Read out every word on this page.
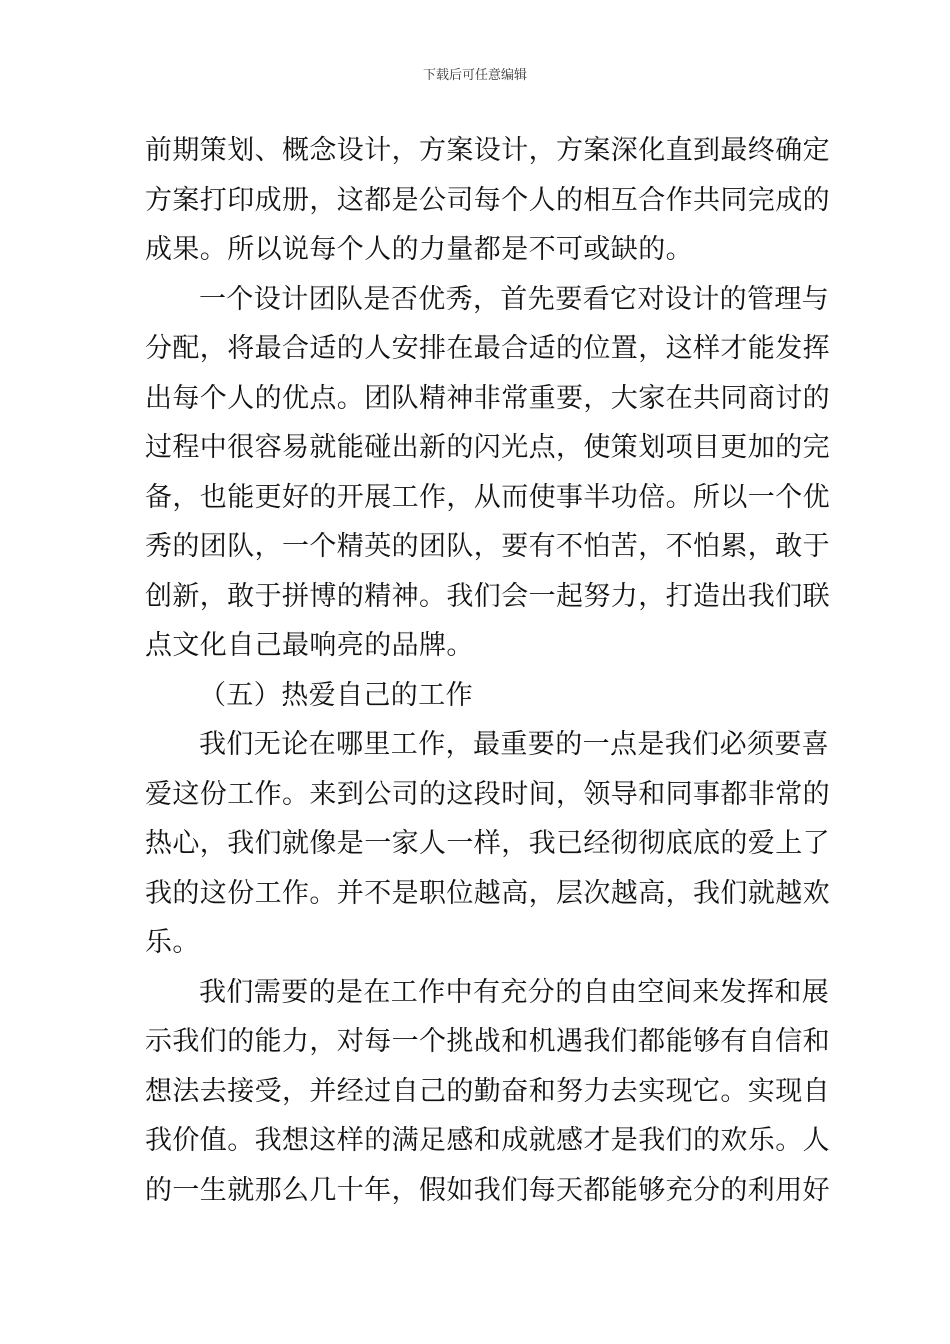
下载后可任意编辑
前期策划、概念设计，方案设计，方案深化直到最终确定
方案打印成册，这都是公司每个人的相互合作共同完成的
成果。所以说每个人的力量都是不可或缺的。
一个设计团队是否优秀，首先要看它对设计的管理与
分配，将最合适的人安排在最合适的位置，这样才能发挥
出每个人的优点。团队精神非常重要，大家在共同商讨的
过程中很容易就能碰出新的闪光点，使策划项目更加的完
备，也能更好的开展工作，从而使事半功倍。所以一个优
秀的团队，一个精英的团队，要有不怕苦，不怕累，敢于
创新，敢于拼博的精神。我们会一起努力，打造出我们联
点文化自己最响亮的品牌。
（五）热爱自己的工作
我们无论在哪里工作，最重要的一点是我们必须要喜
爱这份工作。来到公司的这段时间，领导和同事都非常的
热心，我们就像是一家人一样，我已经彻彻底底的爱上了
我的这份工作。并不是职位越高，层次越高，我们就越欢
乐。
我们需要的是在工作中有充分的自由空间来发挥和展
示我们的能力，对每一个挑战和机遇我们都能够有自信和
想法去接受，并经过自己的勤奋和努力去实现它。实现自
我价值。我想这样的满足感和成就感才是我们的欢乐。人
的一生就那么几十年，假如我们每天都能够充分的利用好
